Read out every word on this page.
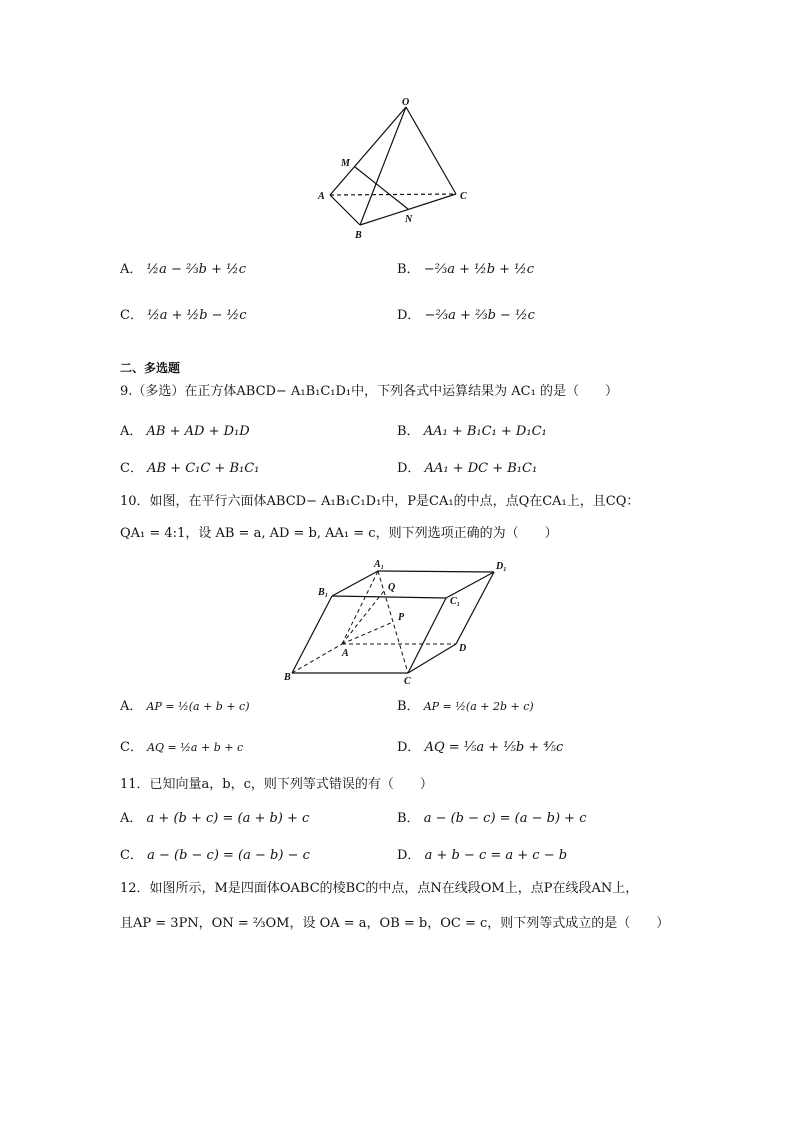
O
M
A	C
N
B
A． ½a − ⅔b + ½c	B． −⅔a + ½b + ½c
C． ½a + ½b − ½c	D． −⅔a + ⅔b − ½c
二、多选题
9.（多选）在正方体ABCD− A₁B₁C₁D₁中，下列各式中运算结果为 AC₁ 的是（　　）
A． AB + AD + D₁D	B． AA₁ + B₁C₁ + D₁C₁
C． AB + C₁C + B₁C₁	D． AA₁ + DC + B₁C₁
10．如图，在平行六面体ABCD− A₁B₁C₁D₁中，P是CA₁的中点，点Q在CA₁上，且CQ：
QA₁ = 4:1，设 AB = a, AD = b, AA₁ = c，则下列选项正确的为（　　）
A₁	D₁
B₁
C₁
Q
P
A	D
B	C
A． AP = ½(a + b + c)	B． AP = ½(a + 2b + c)
C． AQ = ½a + b + c	D． AQ = ⅕a + ⅕b + ⅘c
11．已知向量a，b，c，则下列等式错误的有（　　）
A． a + (b + c) = (a + b) + c	B． a − (b − c) = (a − b) + c
C． a − (b − c) = (a − b) − c	D． a + b − c = a + c − b
12．如图所示，M是四面体OABC的棱BC的中点，点N在线段OM上，点P在线段AN上，
且AP = 3PN，ON = ⅔OM，设 OA = a，OB = b，OC = c，则下列等式成立的是（　　）
